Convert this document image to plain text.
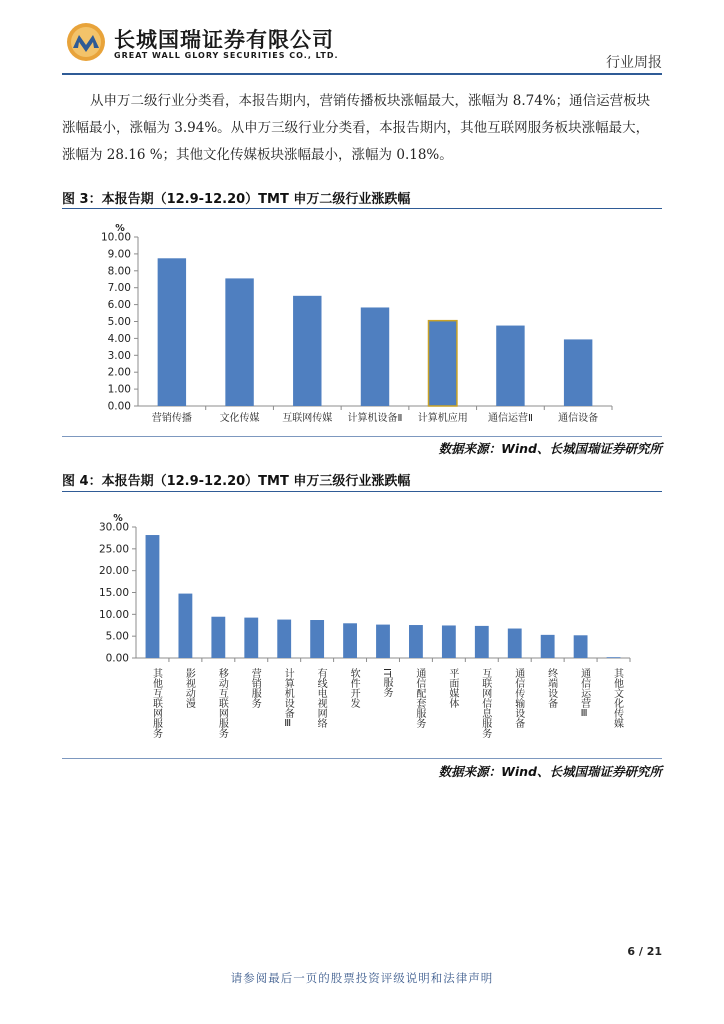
长城国瑞证券有限公司
GREAT WALL GLORY SECURITIES CO., LTD.	行业周报
从申万二级行业分类看，本报告期内，营销传播板块涨幅最大，涨幅为 8.74%；通信运营板块涨幅最小，涨幅为 3.94%。从申万三级行业分类看，本报告期内，其他互联网服务板块涨幅最大，涨幅为 28.16 %；其他文化传媒板块涨幅最小，涨幅为 0.18%。
图 3：本报告期（12.9-12.20）TMT 申万二级行业涨跌幅
0.00
1.00
2.00
3.00
4.00
5.00
6.00
7.00
8.00
9.00
10.00
%
营销传播	文化传媒 互联网传媒 计算机设备Ⅱ 计算机应用 通信运营Ⅱ	通信设备
数据来源：Wind、长城国瑞证券研究所
图 4：本报告期（12.9-12.20）TMT 申万三级行业涨跌幅
0.00
5.00
10.00
15.00
20.00
25.00
30.00
%
其他互联网服务 影视动漫 移动互联网服务 营销服务 计算机设备Ⅲ 有线电视网络 软件开发 IT服务 通信配套服务 平面媒体 互联网信息服务 通信传输设备 终端设备 通信运营Ⅲ 其他文化传媒
数据来源：Wind、长城国瑞证券研究所
6 / 21
请参阅最后一页的股票投资评级说明和法律声明
